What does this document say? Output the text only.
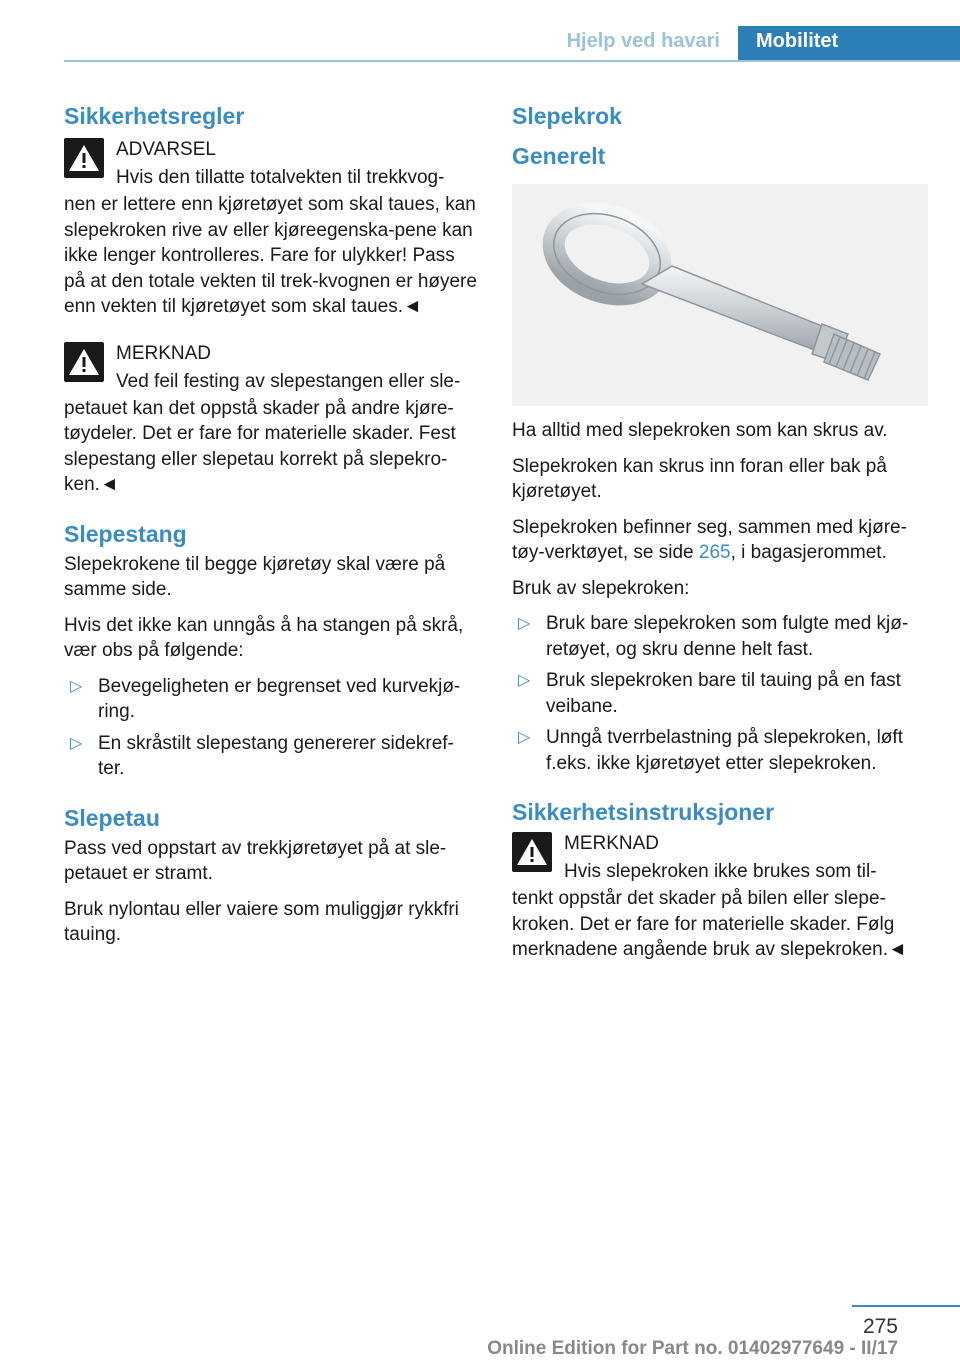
Hjelp ved havari	Mobilitet
Sikkerhetsregler
ADVARSEL
Hvis den tillatte totalvekten til trekkvog-
nen er lettere enn kjøretøyet som skal taues, kan slepekroken rive av eller kjøreegenska-pene kan ikke lenger kontrolleres. Fare for ulykker! Pass på at den totale vekten til trek-kvognen er høyere enn vekten til kjøretøyet som skal taues.◄
MERKNAD
Ved feil festing av slepestangen eller sle-
petauet kan det oppstå skader på andre kjøre-tøydeler. Det er fare for materielle skader. Fest slepestang eller slepetau korrekt på slepekro-ken.◄
Slepestang

Slepekrokene til begge kjøretøy skal være på samme side.

Hvis det ikke kan unngås å ha stangen på skrå, vær obs på følgende:

▷ Bevegeligheten er begrenset ved kurvekjø-ring.
▷ En skråstilt slepestang genererer sidekref-ter.
Slepetau

Pass ved oppstart av trekkjøretøyet på at sle-petauet er stramt.

Bruk nylontau eller vaiere som muliggjør rykkfri tauing.

Slepekrok
Generelt

Ha alltid med slepekroken som kan skrus av.

Slepekroken kan skrus inn foran eller bak på kjøretøyet.

Slepekroken befinner seg, sammen med kjøre-tøy-verktøyet, se side 265, i bagasjerommet.

Bruk av slepekroken:

▷ Bruk bare slepekroken som fulgte med kjø-retøyet, og skru denne helt fast.
▷ Bruk slepekroken bare til tauing på en fast veibane.
▷ Unngå tverrbelastning på slepekroken, løft f.eks. ikke kjøretøyet etter slepekroken.
Sikkerhetsinstruksjoner
MERKNAD
Hvis slepekroken ikke brukes som til-
tenkt oppstår det skader på bilen eller slepe-kroken. Det er fare for materielle skader. Følg merknadene angående bruk av slepekroken.◄
275
Online Edition for Part no. 01402977649 - II/17
